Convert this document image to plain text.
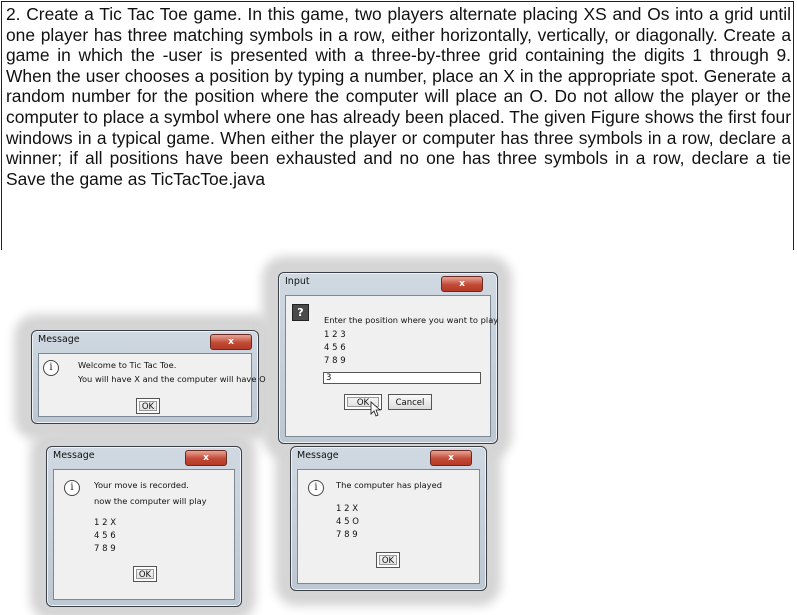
2. Create a Tic Tac Toe game. In this game, two players alternate placing XS and Os into a grid until one player has three matching symbols in a row, either horizontally, vertically, or diagonally. Create a game in which the -user is presented with a three-by-three grid containing the digits 1 through 9. When the user chooses a position by typing a number, place an X in the appropriate spot. Generate a random number for the position where the computer will place an O. Do not allow the player or the computer to place a symbol where one has already been placed. The given Figure shows the first four windows in a typical game. When either the player or computer has three symbols in a row, declare a winner; if all positions have been exhausted and no one has three symbols in a row, declare a tie Save the game as TicTacToe.java

Message	x
i	Welcome to Tic Tac Toe.
You will have X and the computer will have O
OK
Input	x
?
Enter the position where you want to play
1 2 3
4 5 6
7 8 9
3
OK	Cancel
Message	x
i	Your move is recorded.
now the computer will play
1 2 X
4 5 6
7 8 9
OK
Message	x
i	The computer has played
1 2 X
4 5 O
7 8 9
OK
